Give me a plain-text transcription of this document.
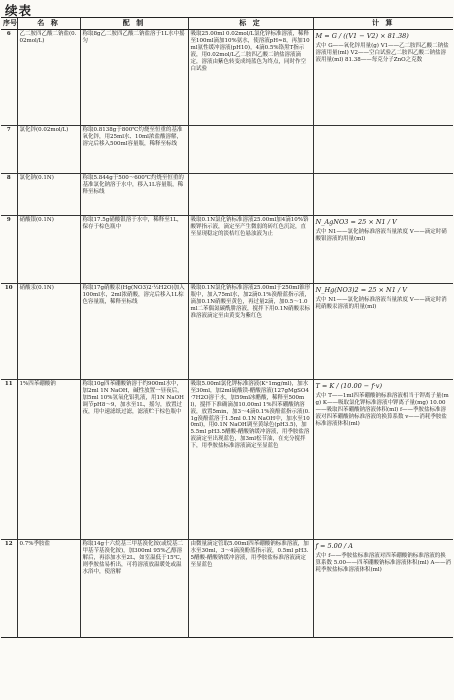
续表
序号	名 称	配 制	标 定	计 算
6	乙二胺四乙酸二钠盐(0.02mol/L)	称取8g乙二胺四乙酸二钠盐溶于1L水中摇匀	吸取25.00ml 0.02mol/L氯化锌标准溶液，稀释至100ml滴加10%氨水，使溶液pH≈8，再加10ml氨性缓冲溶液(pH10)，4滴0.5%铬黑T指示液，用0.02mol/L乙二胺四乙酸二钠盐溶液滴定，溶液由紫色转变成纯蓝色为终点，同时作空白试验	M = G / ((V1 − V2) × 81.38)
式中 G——氧化锌用量(g) V1——乙二胺四乙酸二钠盐溶液用量(ml) V2——空白试验乙二胺四乙酸二钠盐溶液用量(ml) 81.38——每克分子ZnO之克数

7	氯化锌(0.02mol/L)	称取0.8138g于800℃灼烧至恒重的基准氧化锌，用25ml水、10ml浓盐酸溶解，溶完后移入500ml容量瓶，稀释至标线		

8	氯化钠(0.1N)	称取5.844g于500～600℃灼烧至恒重的基准氯化钠溶于水中，移入1L容量瓶，稀释至标线		

9	硝酸银(0.1N)	称取17.5g硝酸银溶于水中，稀释至1L，保存于棕色瓶中	吸取0.1N氯化钠标准溶液25.00ml加4滴10%铬酸钾指示液，滴定至产生微弱的砖红色沉淀，直至显现稳定的淡桔红色悬浊液为止	N_AgNO3 = 25 × N1 / V
式中 N1——氯化钠标准溶液当量浓度 V——滴定时硝酸银溶液的用量(ml)

10	硝酸汞(0.1N)	称取17g硝酸汞(Hg(NO3)2·½H2O)加入100ml水，2ml浓硝酸，溶完后移入1L棕色容量瓶，稀释至标线	吸取0.1N氯化钠标准溶液25.00ml于250ml锥形瓶中，加入75ml水，加2滴0.1%溴酚蓝指示液，滴加0.1N硝酸至黄色，再过量2滴，加0.5～1.0ml二苯偶氮碳酰肼溶液，搅拌下用0.1N硝酸汞标准溶液滴定至由黄变为紫红色	N_Hg(NO3)2 = 25 × N1 / V
式中 N1——氯化钠标准溶液当量浓度 V——滴定时消耗硝酸汞溶液的用量(ml)

11	1%四苯硼酸钠	称取10g四苯硼酸钠溶于约900ml水中，加2ml 1N NaOH，碱性放置一昼夜后，加5ml 10%氢氧化铝乳液，用1N NaOH调节pH8～9，加水至1L，摇匀，放置过夜，用中速滤纸过滤，滤液贮于棕色瓶中	吸取5.00ml氯化钾标准溶液(K⁺1mg/ml)，加水至30ml，加2ml硫酸镁-醋酸溶液(127gMgSO4·7H2O溶于水，加59ml冰醋酸，稀释至500ml)，搅拌下准确滴加10.00ml 1%四苯硼酸钠溶液，放置5min，加3～4滴0.1%溴酚蓝指示液(0.1g溴酚蓝溶于1.5ml 0.1N NaOH中，加水至100ml)，用0.1N NaOH调至黄绿色(pH3.5)，加5.5ml pH3.5醋酸-醋酸钠缓冲溶液，用季胺盐溶液滴定至出现蓝色，加3ml松节油，在充分搅拌下，用季胺盐标准溶液滴定至显蓝色	T = K / (10.00 − f·v)
式中 T——1ml四苯硼酸钠标准溶液相当于钾离子量(mg) K——吸取氯化钾标准溶液中钾离子量(mg) 10.00——吸取四苯硼酸钠溶液体积(ml) f——季胺盐标准溶液对四苯硼酸钠标准溶液的换算系数 v——消耗季胺盐标准溶液体积(ml)

12	0.7%季胺盐	称取14g十六烷基三甲基溴化铵(或烷基二甲基苄基溴化铵)，加300ml 95%乙醇溶解后，再添加水至2L，如室温低于15℃，则季胺盐易析出，可将溶液放温暖处或温水浴中，使溶解	由微量滴定管取5.00ml四苯硼酸钠标准溶液，加水至30ml，3～4滴溴酚蓝指示液，0.5ml pH3.5醋酸-醋酸钠缓冲溶液，用季胺盐标准溶液滴定至显蓝色	f = 5.00 / A
式中 f——季胺盐标准溶液对四苯硼酸钠标准溶液的换算系数 5.00——四苯硼酸钠标准溶液体积(ml) A——消耗季胺盐标准溶液体积(ml)
